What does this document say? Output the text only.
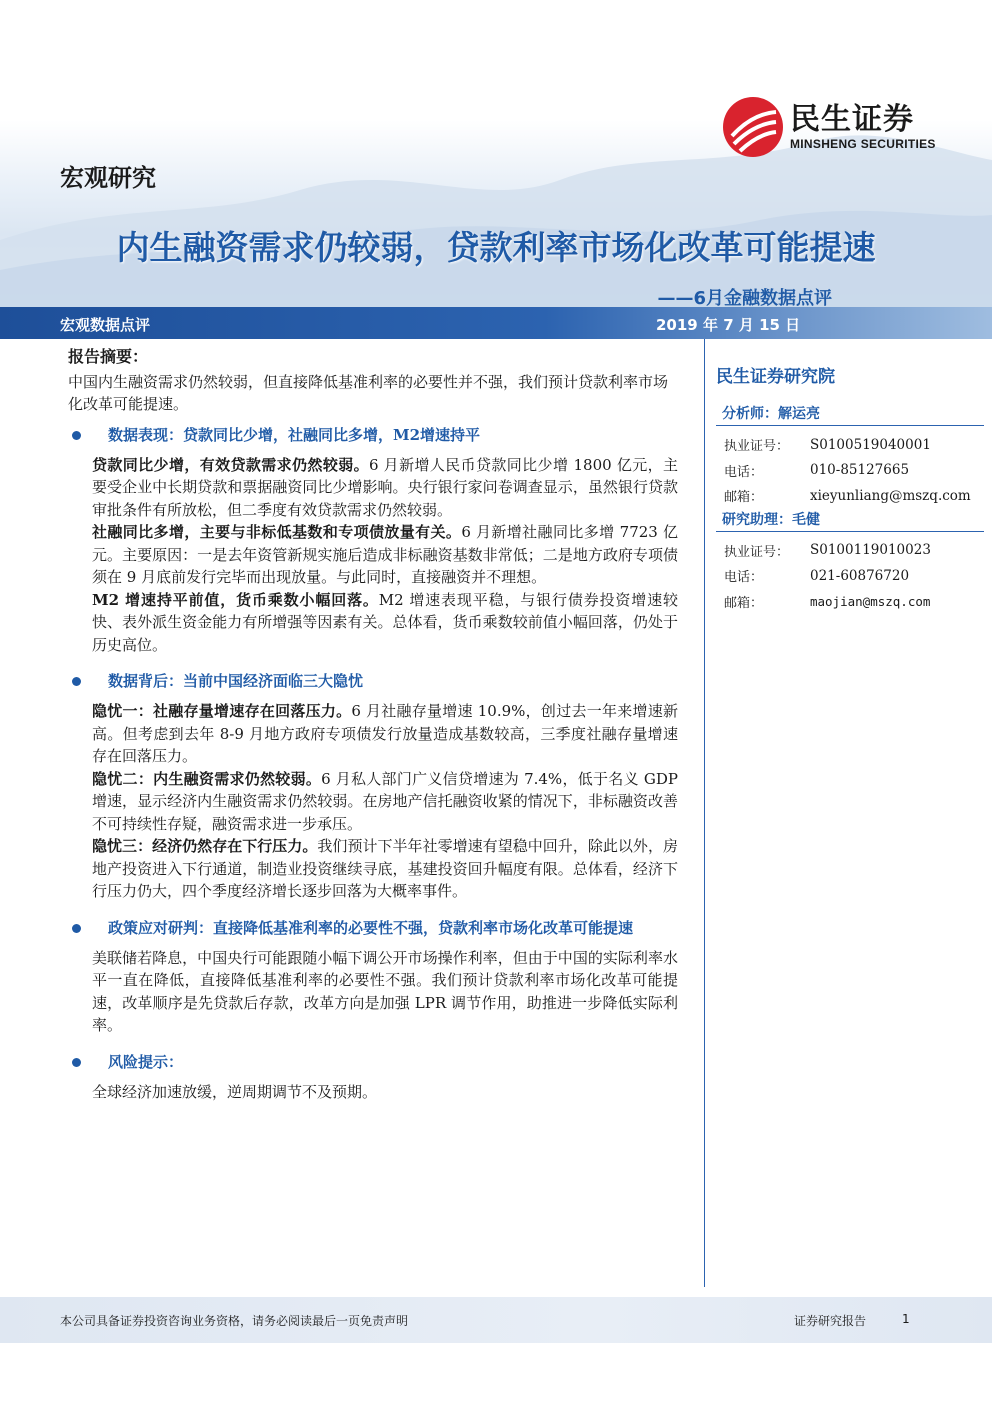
民生证券
MINSHENG SECURITIES
宏观研究
内生融资需求仍较弱，贷款利率市场化改革可能提速
——6月金融数据点评
宏观数据点评	2019 年 7 月 15 日
报告摘要：
中国内生融资需求仍然较弱，但直接降低基准利率的必要性并不强，我们预计贷款利率市场化改革可能提速。
数据表现：贷款同比少增，社融同比多增，M2增速持平
贷款同比少增，有效贷款需求仍然较弱。6 月新增人民币贷款同比少增 1800 亿元，主要受企业中长期贷款和票据融资同比少增影响。央行银行家问卷调查显示，虽然银行贷款审批条件有所放松，但二季度有效贷款需求仍然较弱。
社融同比多增，主要与非标低基数和专项债放量有关。6 月新增社融同比多增 7723 亿元。主要原因：一是去年资管新规实施后造成非标融资基数非常低；二是地方政府专项债须在 9 月底前发行完毕而出现放量。与此同时，直接融资并不理想。
M2 增速持平前值，货币乘数小幅回落。M2 增速表现平稳，与银行债券投资增速较快、表外派生资金能力有所增强等因素有关。总体看，货币乘数较前值小幅回落，仍处于历史高位。
数据背后：当前中国经济面临三大隐忧
隐忧一：社融存量增速存在回落压力。6 月社融存量增速 10.9%，创过去一年来增速新高。但考虑到去年 8-9 月地方政府专项债发行放量造成基数较高，三季度社融存量增速存在回落压力。
隐忧二：内生融资需求仍然较弱。6 月私人部门广义信贷增速为 7.4%，低于名义 GDP 增速，显示经济内生融资需求仍然较弱。在房地产信托融资收紧的情况下，非标融资改善不可持续性存疑，融资需求进一步承压。
隐忧三：经济仍然存在下行压力。我们预计下半年社零增速有望稳中回升，除此以外，房地产投资进入下行通道，制造业投资继续寻底，基建投资回升幅度有限。总体看，经济下行压力仍大，四个季度经济增长逐步回落为大概率事件。
政策应对研判：直接降低基准利率的必要性不强，贷款利率市场化改革可能提速
美联储若降息，中国央行可能跟随小幅下调公开市场操作利率，但由于中国的实际利率水平一直在降低，直接降低基准利率的必要性不强。我们预计贷款利率市场化改革可能提速，改革顺序是先贷款后存款，改革方向是加强 LPR 调节作用，助推进一步降低实际利率。
风险提示：
全球经济加速放缓，逆周期调节不及预期。
民生证券研究院
分析师：解运亮
执业证号：	S0100519040001
电话：	010-85127665
邮箱：	xieyunliang@mszq.com
研究助理：毛健
执业证号：	S0100119010023
电话：	021-60876720
邮箱：	maojian@mszq.com
本公司具备证券投资咨询业务资格，请务必阅读最后一页免责声明	证券研究报告	1
